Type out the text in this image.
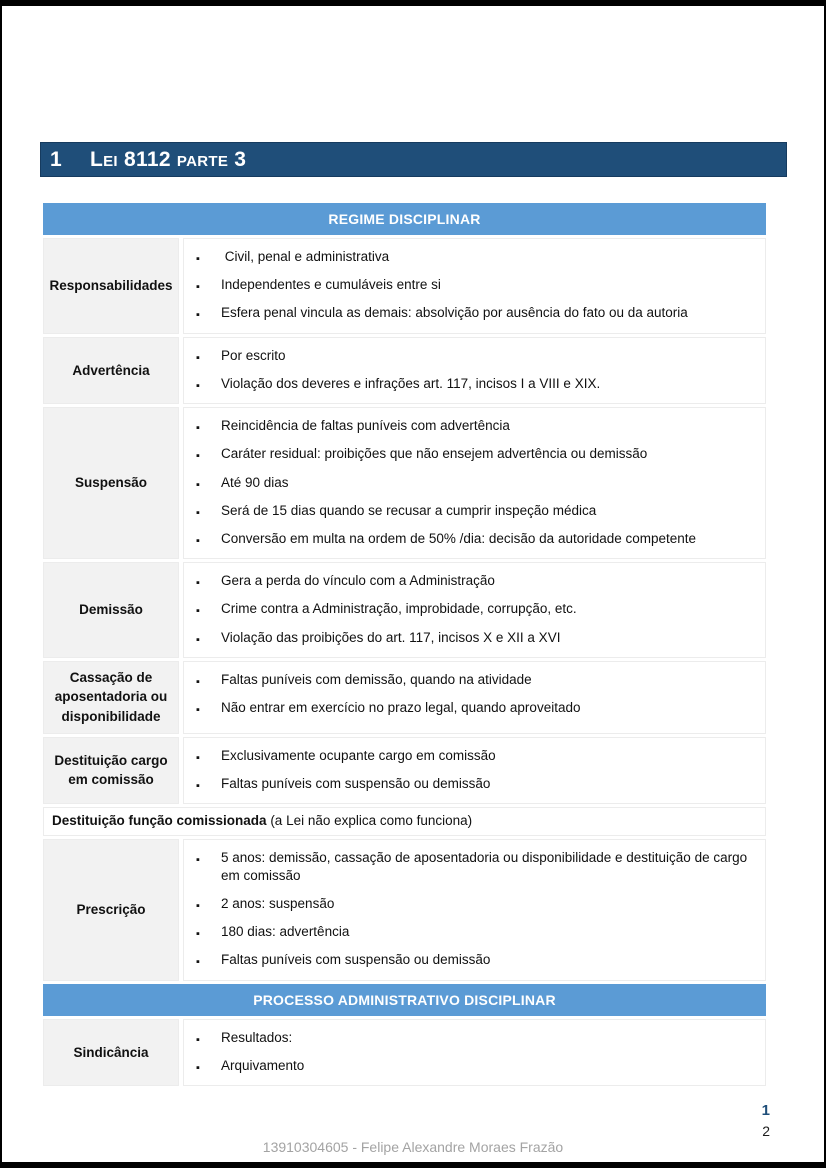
1	Lei 8112 parte 3
REGIME DISCIPLINAR
Responsabilidades
▪
Civil, penal e administrativa
▪
Independentes e cumuláveis entre si
▪
Esfera penal vincula as demais: absolvição por ausência do fato ou da autoria
Advertência
▪
Por escrito
▪
Violação dos deveres e infrações art. 117, incisos I a VIII e XIX.
Suspensão
▪
Reincidência de faltas puníveis com advertência
▪
Caráter residual: proibições que não ensejem advertência ou demissão
▪
Até 90 dias
▪
Será de 15 dias quando se recusar a cumprir inspeção médica
▪
Conversão em multa na ordem de 50% /dia: decisão da autoridade competente
Demissão
▪
Gera a perda do vínculo com a Administração
▪
Crime contra a Administração, improbidade, corrupção, etc.
▪
Violação das proibições do art. 117, incisos X e XII a XVI
Cassação de aposentadoria ou disponibilidade
▪
Faltas puníveis com demissão, quando na atividade
▪
Não entrar em exercício no prazo legal, quando aproveitado
Destituição cargo em comissão
▪
Exclusivamente ocupante cargo em comissão
▪
Faltas puníveis com suspensão ou demissão
Destituição função comissionada (a Lei não explica como funciona)
Prescrição
▪
5 anos: demissão, cassação de aposentadoria ou disponibilidade e destituição de cargo em comissão
▪
2 anos: suspensão
▪
180 dias: advertência
▪
Faltas puníveis com suspensão ou demissão
PROCESSO ADMINISTRATIVO DISCIPLINAR
Sindicância
▪
Resultados:
▪
Arquivamento
1
2
13910304605 - Felipe Alexandre Moraes Frazão
